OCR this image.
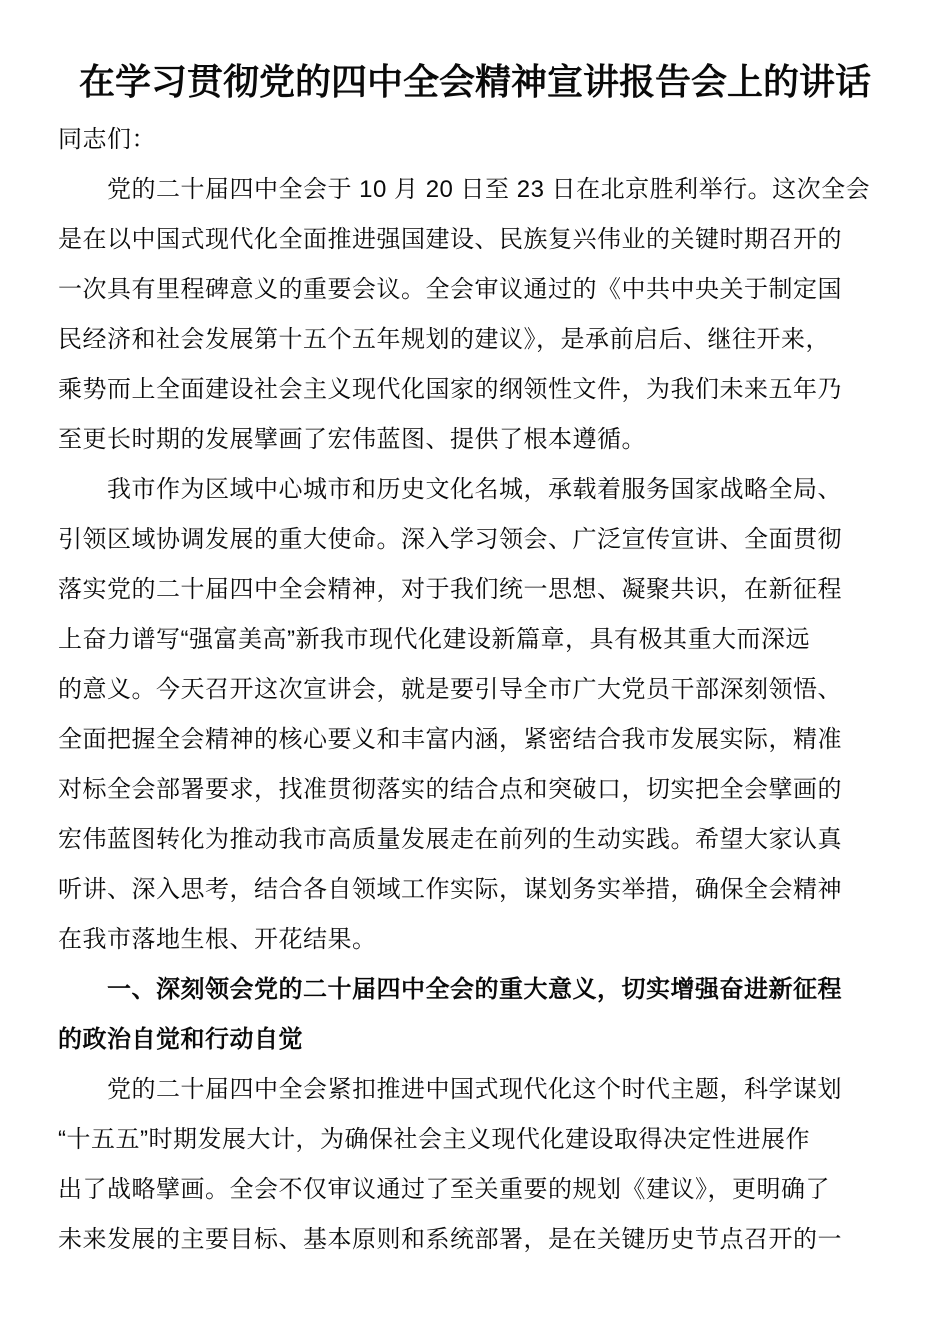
在学习贯彻党的四中全会精神宣讲报告会上的讲话
同志们：
党的二十届四中全会于 10 月 20 日至 23 日在北京胜利举行。这次全会
是在以中国式现代化全面推进强国建设、民族复兴伟业的关键时期召开的
一次具有里程碑意义的重要会议。全会审议通过的《中共中央关于制定国
民经济和社会发展第十五个五年规划的建议》，是承前启后、继往开来，
乘势而上全面建设社会主义现代化国家的纲领性文件，为我们未来五年乃
至更长时期的发展擘画了宏伟蓝图、提供了根本遵循。
我市作为区域中心城市和历史文化名城，承载着服务国家战略全局、
引领区域协调发展的重大使命。深入学习领会、广泛宣传宣讲、全面贯彻
落实党的二十届四中全会精神，对于我们统一思想、凝聚共识，在新征程
上奋力谱写“强富美高”新我市现代化建设新篇章，具有极其重大而深远
的意义。今天召开这次宣讲会，就是要引导全市广大党员干部深刻领悟、
全面把握全会精神的核心要义和丰富内涵，紧密结合我市发展实际，精准
对标全会部署要求，找准贯彻落实的结合点和突破口，切实把全会擘画的
宏伟蓝图转化为推动我市高质量发展走在前列的生动实践。希望大家认真
听讲、深入思考，结合各自领域工作实际，谋划务实举措，确保全会精神
在我市落地生根、开花结果。
一、深刻领会党的二十届四中全会的重大意义，切实增强奋进新征程
的政治自觉和行动自觉
党的二十届四中全会紧扣推进中国式现代化这个时代主题，科学谋划
“十五五”时期发展大计，为确保社会主义现代化建设取得决定性进展作
出了战略擘画。全会不仅审议通过了至关重要的规划《建议》，更明确了
未来发展的主要目标、基本原则和系统部署，是在关键历史节点召开的一
